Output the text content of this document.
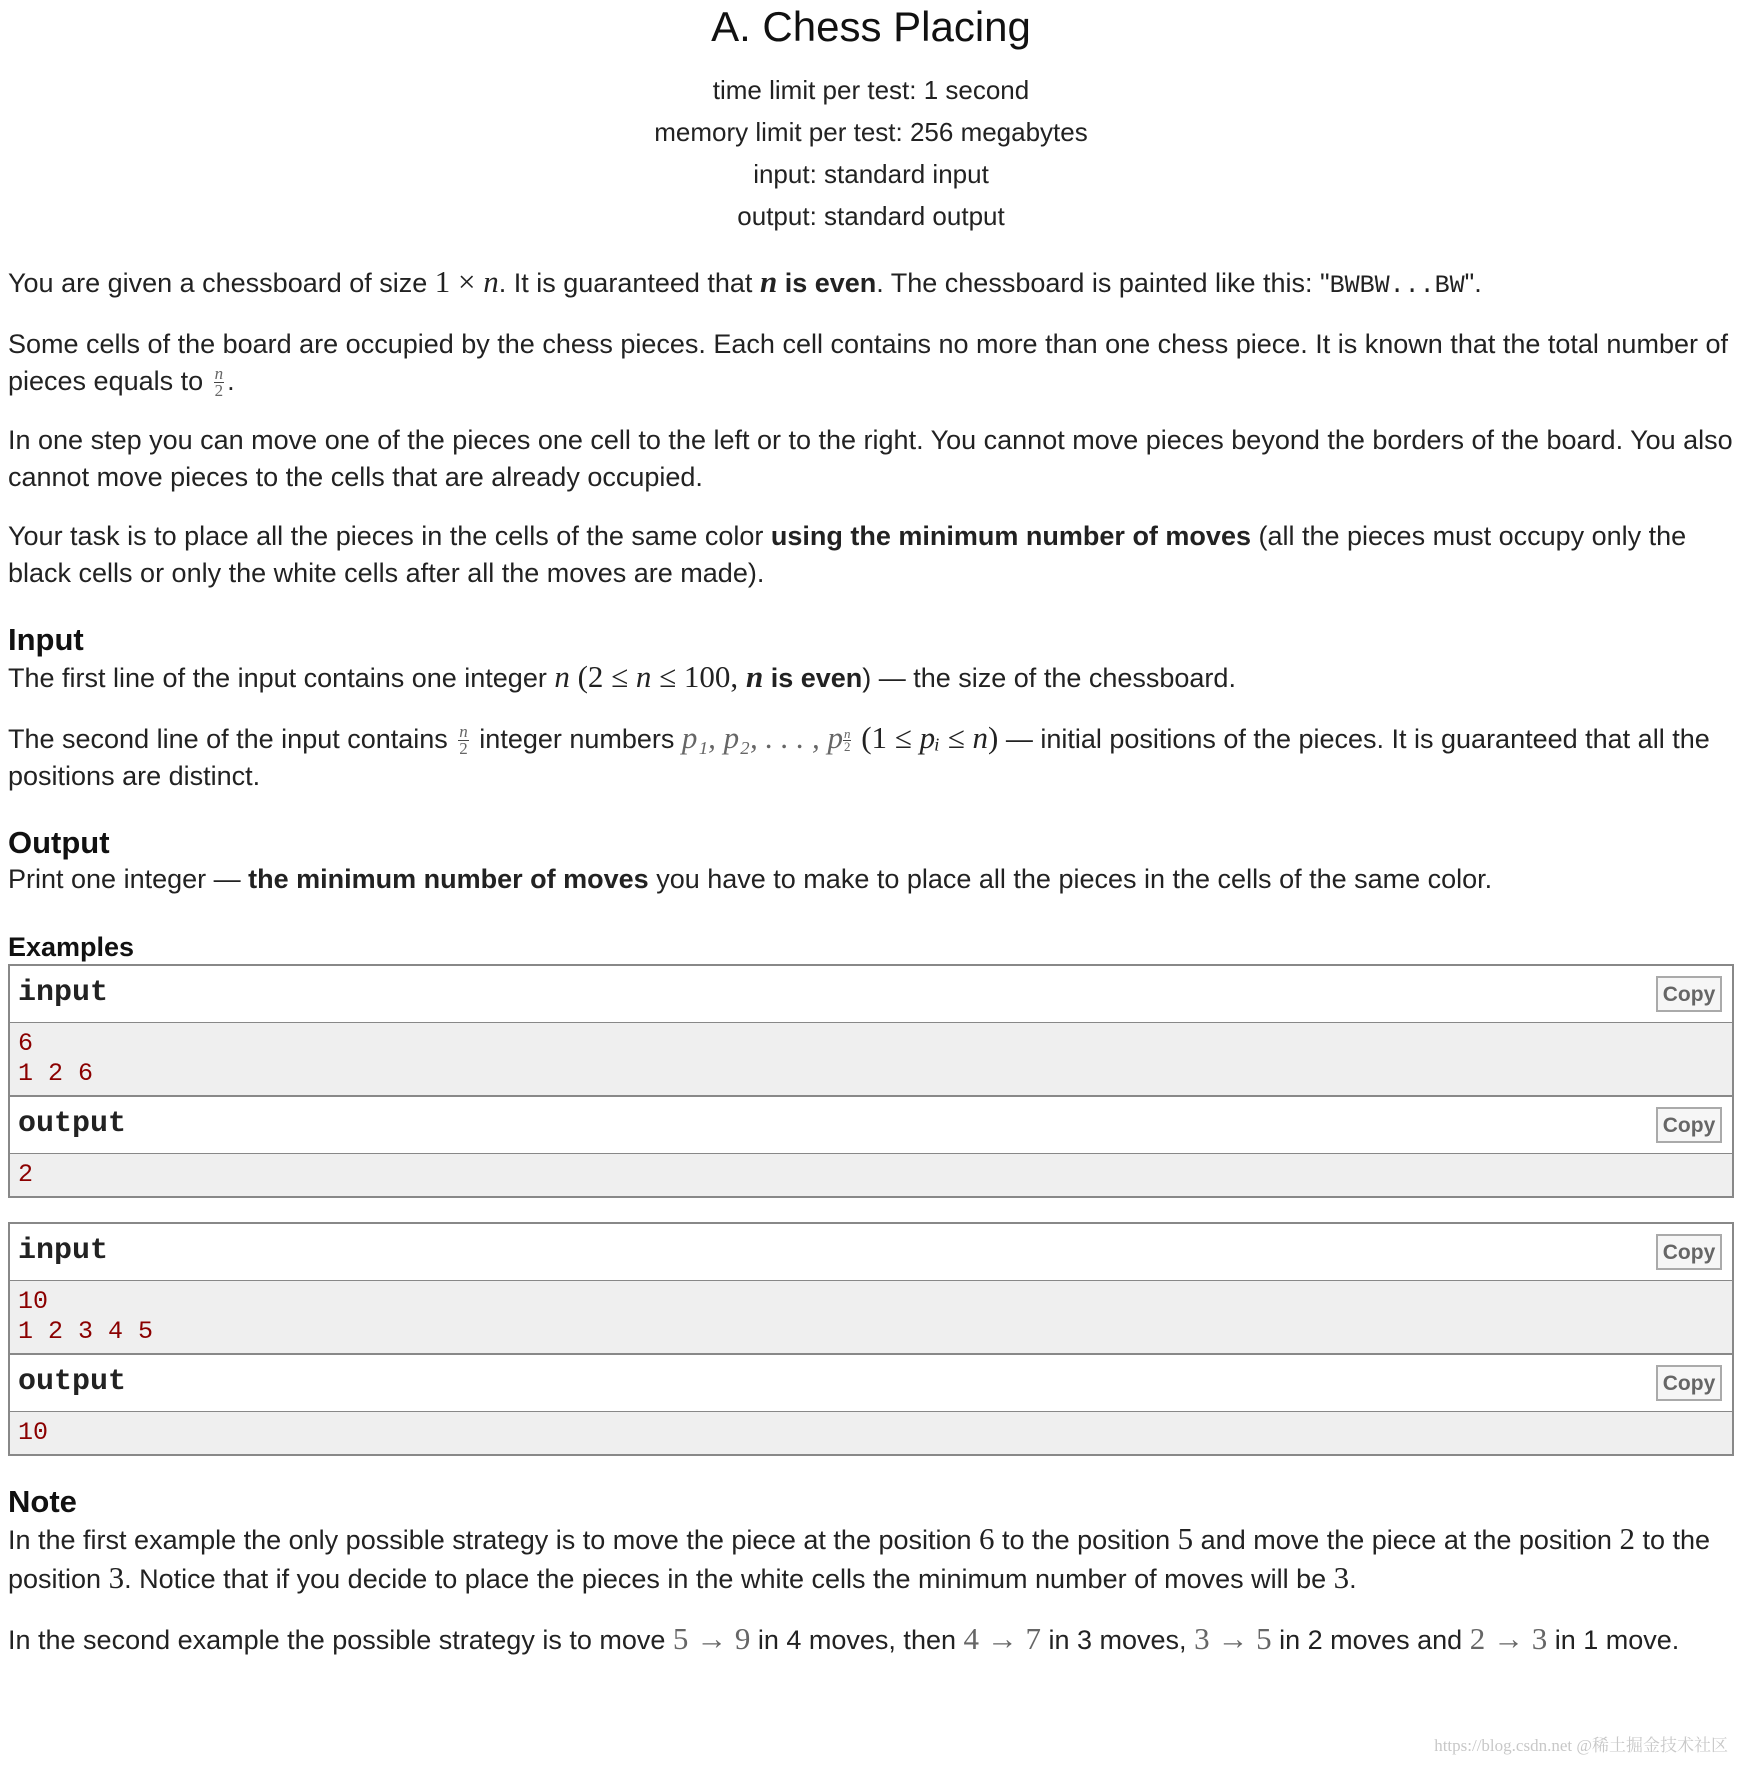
A. Chess Placing
time limit per test: 1 second
memory limit per test: 256 megabytes
input: standard input
output: standard output

You are given a chessboard of size 1 × n. It is guaranteed that n is even. The chessboard is painted like this: "BWBW...BW".

Some cells of the board are occupied by the chess pieces. Each cell contains no more than one chess piece. It is known that the total number of pieces equals to $\frac{n}{2}$ .

In one step you can move one of the pieces one cell to the left or to the right. You cannot move pieces beyond the borders of the board. You also cannot move pieces to the cells that are already occupied.

Your task is to place all the pieces in the cells of the same color using the minimum number of moves (all the pieces must occupy only the black cells or only the white cells after all the moves are made).

Input

The first line of the input contains one integer n (2 ≤ n ≤ 100, n is even) — the size of the chessboard.

The second line of the input contains $\frac{n}{2}$ integer numbers p₁, p₂, . . . , p $\frac{n}{2} (1$ ≤ pᵢ ≤ n) — initial positions of the pieces. It is guaranteed that all the positions are distinct.

Output

Print one integer — the minimum number of moves you have to make to place all the pieces in the cells of the same color.

Examples
input	Copy
6
1 2 6
output	Copy
2
input	Copy
10
1 2 3 4 5
output	Copy
10
Note

In the first example the only possible strategy is to move the piece at the position 6 to the position 5 and move the piece at the position 2 to the position 3. Notice that if you decide to place the pieces in the white cells the minimum number of moves will be 3.

In the second example the possible strategy is to move 5 → 9 in 4 moves, then 4 → 7 in 3 moves, 3 → 5 in 2 moves and 2 → 3 in 1 move.

https://blog.csdn.net @稀土掘金技术社区
